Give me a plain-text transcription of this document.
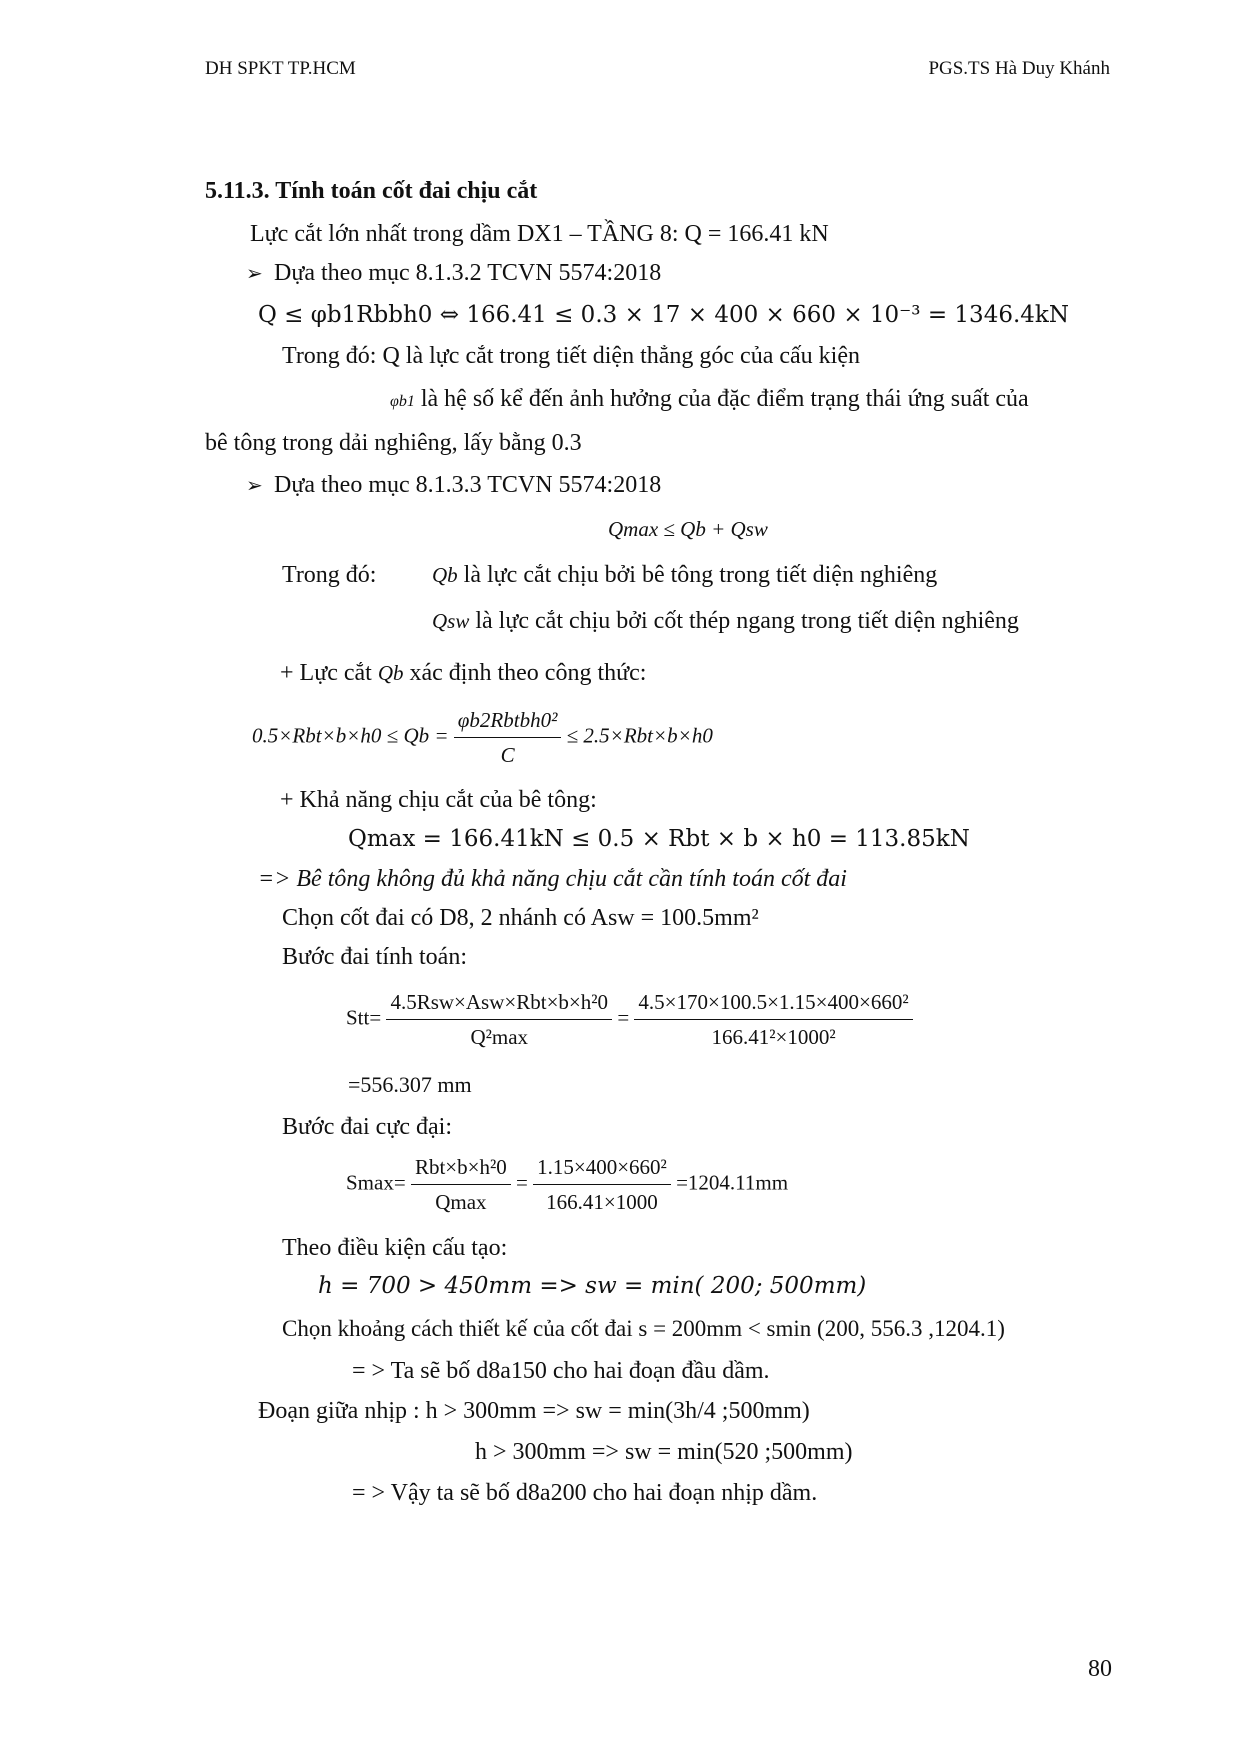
DH SPKT TP.HCM	PGS.TS Hà Duy Khánh
5.11.3. Tính toán cốt đai chịu cắt
Lực cắt lớn nhất trong dầm DX1 – TẦNG 8: Q = 166.41 kN
➢ Dựa theo mục 8.1.3.2 TCVN 5574:2018
Q ≤ φb1Rbbh0 ⇔ 166.41 ≤ 0.3 × 17 × 400 × 660 × 10⁻³ = 1346.4kN
Trong đó: Q là lực cắt trong tiết diện thẳng góc của cấu kiện
φb1 là hệ số kể đến ảnh hưởng của đặc điểm trạng thái ứng suất của
bê tông trong dải nghiêng, lấy bằng 0.3
➢ Dựa theo mục 8.1.3.3 TCVN 5574:2018
Qmax ≤ Qb + Qsw
Trong đó:	Qb là lực cắt chịu bởi bê tông trong tiết diện nghiêng
Qsw là lực cắt chịu bởi cốt thép ngang trong tiết diện nghiêng
+ Lực cắt Qb xác định theo công thức:
$0.5\times Rbt\times b\times h0 \le Qb = \frac{\text{φb2Rbtbh0²}}{C} \le 2.5\times Rbt\times b\times h0$
+ Khả năng chịu cắt của bê tông:
Qmax = 166.41kN ≤ 0.5 × Rbt × b × h0 = 113.85kN
=> Bê tông không đủ khả năng chịu cắt cần tính toán cốt đai
Chọn cốt đai có D8, 2 nhánh có Asw = 100.5mm²
Bước đai tính toán:
$Stt= \frac{\text{4.5Rsw×Asw×Rbt×b×h²0}}{\text{Q²max}} = \frac{\text{4.5×170×100.5×1.15×400×660²}}{\text{166.41²×1000²}}$
=556.307 mm
Bước đai cực đại:
$Smax= \frac{\text{Rbt×b×h²0}}{Qmax} = \frac{\text{1.15×400×660²}}{166.41\times 1000} =1204.11mm$
Theo điều kiện cấu tạo:
h = 700 > 450mm => sw = min( 200; 500mm)
Chọn khoảng cách thiết kế của cốt đai s = 200mm < smin (200, 556.3 ,1204.1)
= > Ta sẽ bố d8a150 cho hai đoạn đầu dầm.
Đoạn giữa nhịp : h > 300mm => sw = min(3h/4 ;500mm)
h > 300mm => sw = min(520 ;500mm)
= > Vậy ta sẽ bố d8a200 cho hai đoạn nhịp dầm.
80
